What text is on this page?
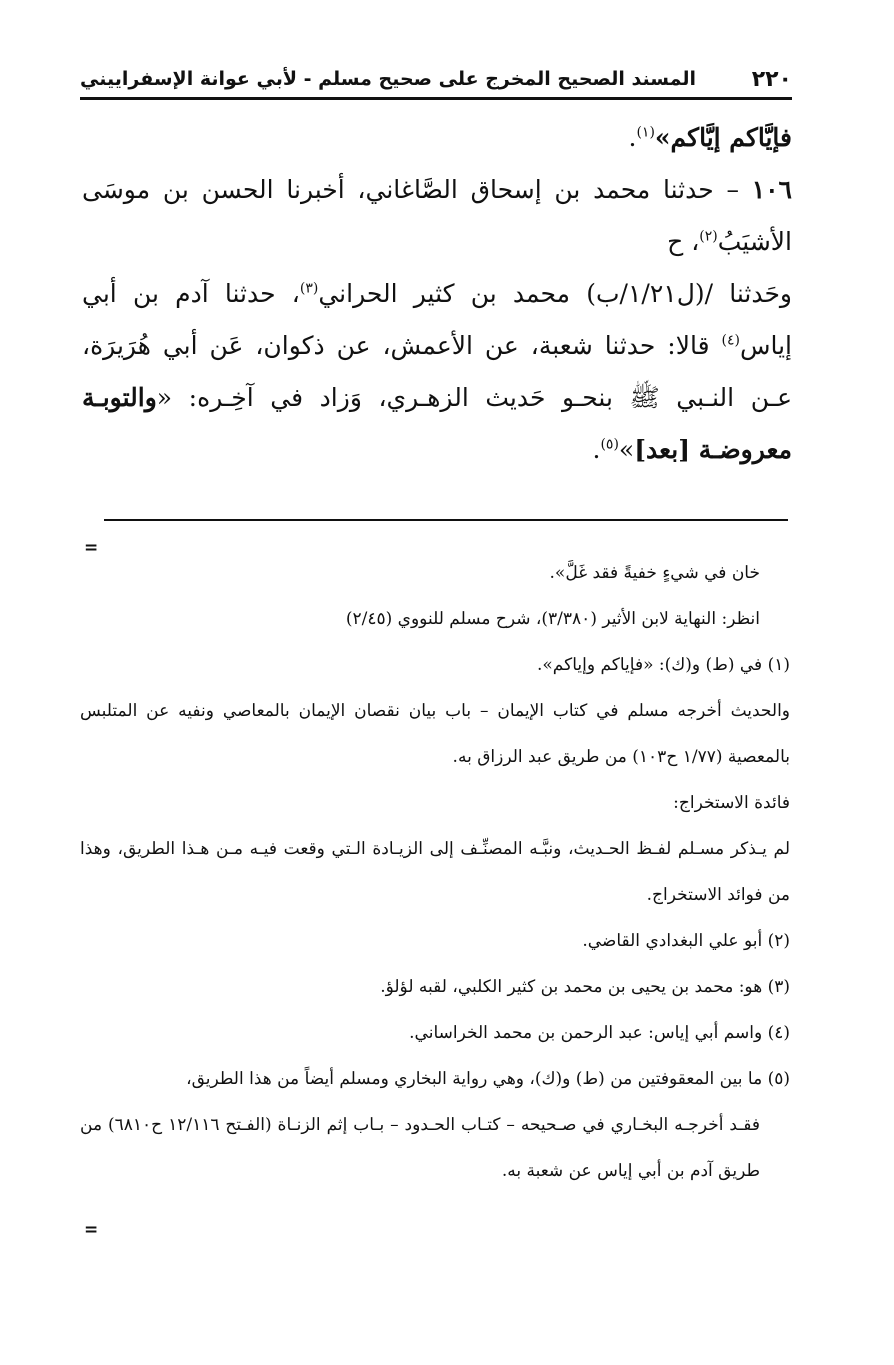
٢٢٠
المسند الصحيح المخرج على صحيح مسلم - لأبي عوانة الإسفراييني

فإيَّاكم إيَّاكم»$^{(١)}$.

١٠٦ – حدثنا محمد بن إسحاق الصَّاغاني، أخبرنا الحسن بن موسَى الأشيَبُ$^{(٢)}$، ح

وحَدثنا /(ل١/٢١/ب) محمد بن كثير الحراني$^{(٣)}$، حدثنا آدم بن أبي إياس$^{(٤)}$ قالا: حدثنا شعبة، عن الأعمش، عن ذكوان، عَن أبي هُرَيرَة، عـن النـبي ﷺ بنحـو حَديث الزهـري، وَزاد في آخِـره: «والتوبـة معروضـة [بعد]»$^{(٥)}$.

=

خان في شيءٍ خفيةً فقد غَلَّ».

انظر: النهاية لابن الأثير (٣/٣٨٠)، شرح مسلم للنووي (٢/٤٥)

(١) في (ط) و(ك): «فإياكم وإياكم».

والحديث أخرجه مسلم في كتاب الإيمان – باب بيان نقصان الإيمان بالمعاصي ونفيه عن المتلبس بالمعصية (١/٧٧ ح١٠٣) من طريق عبد الرزاق به.

فائدة الاستخراج:

لم يـذكر مسـلم لفـظ الحـديث، ونبَّـه المصنِّـف إلى الزيـادة الـتي وقعت فيـه مـن هـذا الطريق، وهذا من فوائد الاستخراج.

(٢) أبو علي البغدادي القاضي.

(٣) هو: محمد بن يحيى بن محمد بن كثير الكلبي، لقبه لؤلؤ.

(٤) واسم أبي إياس: عبد الرحمن بن محمد الخراساني.

(٥) ما بين المعقوفتين من (ط) و(ك)، وهي رواية البخاري ومسلم أيضاً من هذا الطريق،

فقـد أخرجـه البخـاري في صـحيحه – كتـاب الحـدود – بـاب إثم الزنـاة (الفـتح ١٢/١١٦ ح٦٨١٠) من طريق آدم بن أبي إياس عن شعبة به.

=
